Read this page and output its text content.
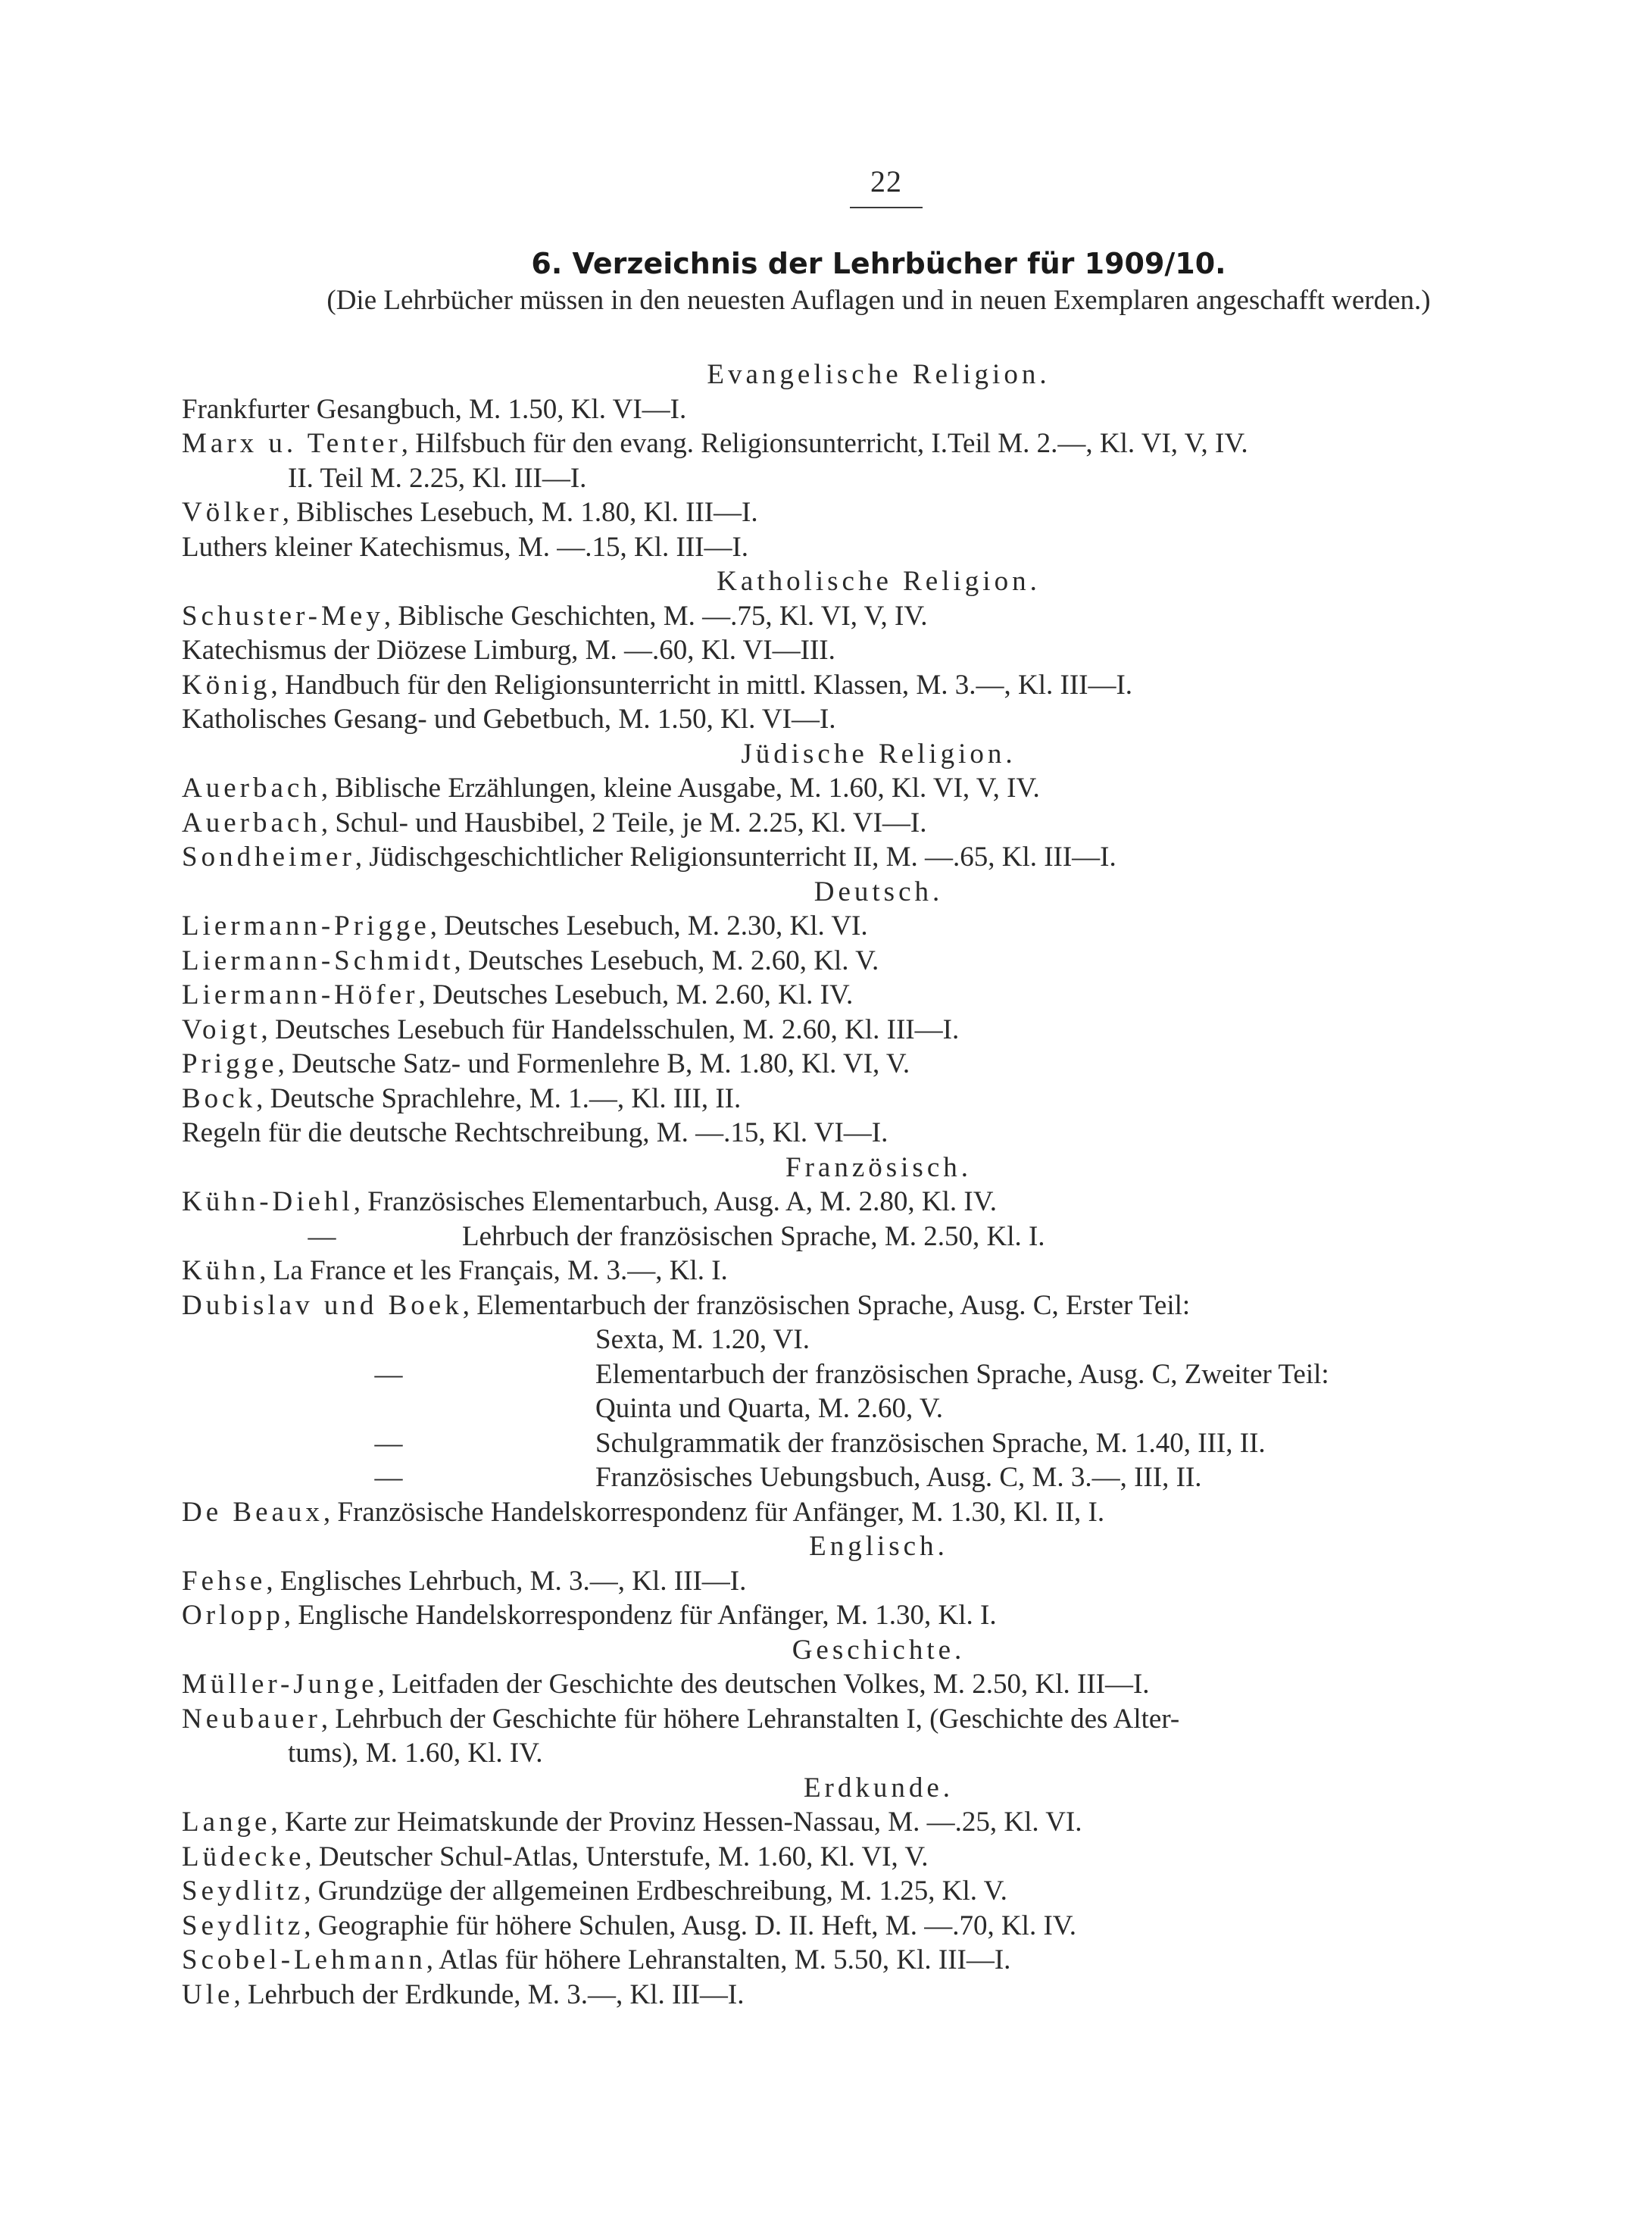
22
6. Verzeichnis der Lehrbücher für 1909/10.
(Die Lehrbücher müssen in den neuesten Auflagen und in neuen Exemplaren angeschafft werden.)
Evangelische Religion.
Frankfurter Gesangbuch, M. 1.50, Kl. VI—I.
Marx u. Tenter, Hilfsbuch für den evang. Religionsunterricht, I.Teil M. 2.—, Kl. VI, V, IV.
II. Teil M. 2.25, Kl. III—I.
Völker, Biblisches Lesebuch, M. 1.80, Kl. III—I.
Luthers kleiner Katechismus, M. —.15, Kl. III—I.
Katholische Religion.
Schuster-Mey, Biblische Geschichten, M. —.75, Kl. VI, V, IV.
Katechismus der Diözese Limburg, M. —.60, Kl. VI—III.
König, Handbuch für den Religionsunterricht in mittl. Klassen, M. 3.—, Kl. III—I.
Katholisches Gesang- und Gebetbuch, M. 1.50, Kl. VI—I.
Jüdische Religion.
Auerbach, Biblische Erzählungen, kleine Ausgabe, M. 1.60, Kl. VI, V, IV.
Auerbach, Schul- und Hausbibel, 2 Teile, je M. 2.25, Kl. VI—I.
Sondheimer, Jüdischgeschichtlicher Religionsunterricht II, M. —.65, Kl. III—I.
Deutsch.
Liermann-Prigge, Deutsches Lesebuch, M. 2.30, Kl. VI.
Liermann-Schmidt, Deutsches Lesebuch, M. 2.60, Kl. V.
Liermann-Höfer, Deutsches Lesebuch, M. 2.60, Kl. IV.
Voigt, Deutsches Lesebuch für Handelsschulen, M. 2.60, Kl. III—I.
Prigge, Deutsche Satz- und Formenlehre B, M. 1.80, Kl. VI, V.
Bock, Deutsche Sprachlehre, M. 1.—, Kl. III, II.
Regeln für die deutsche Rechtschreibung, M. —.15, Kl. VI—I.
Französisch.
Kühn-Diehl, Französisches Elementarbuch, Ausg. A, M. 2.80, Kl. IV.
—	Lehrbuch der französischen Sprache, M. 2.50, Kl. I.
Kühn, La France et les Français, M. 3.—, Kl. I.
Dubislav und Boek, Elementarbuch der französischen Sprache, Ausg. C, Erster Teil:
Sexta, M. 1.20, VI.
—	Elementarbuch der französischen Sprache, Ausg. C, Zweiter Teil:
Quinta und Quarta, M. 2.60, V.
—	Schulgrammatik der französischen Sprache, M. 1.40, III, II.
—	Französisches Uebungsbuch, Ausg. C, M. 3.—, III, II.
De Beaux, Französische Handelskorrespondenz für Anfänger, M. 1.30, Kl. II, I.
Englisch.
Fehse, Englisches Lehrbuch, M. 3.—, Kl. III—I.
Orlopp, Englische Handelskorrespondenz für Anfänger, M. 1.30, Kl. I.
Geschichte.
Müller-Junge, Leitfaden der Geschichte des deutschen Volkes, M. 2.50, Kl. III—I.
Neubauer, Lehrbuch der Geschichte für höhere Lehranstalten I, (Geschichte des Alter-
tums), M. 1.60, Kl. IV.
Erdkunde.
Lange, Karte zur Heimatskunde der Provinz Hessen-Nassau, M. —.25, Kl. VI.
Lüdecke, Deutscher Schul-Atlas, Unterstufe, M. 1.60, Kl. VI, V.
Seydlitz, Grundzüge der allgemeinen Erdbeschreibung, M. 1.25, Kl. V.
Seydlitz, Geographie für höhere Schulen, Ausg. D. II. Heft, M. —.70, Kl. IV.
Scobel-Lehmann, Atlas für höhere Lehranstalten, M. 5.50, Kl. III—I.
Ule, Lehrbuch der Erdkunde, M. 3.—, Kl. III—I.
